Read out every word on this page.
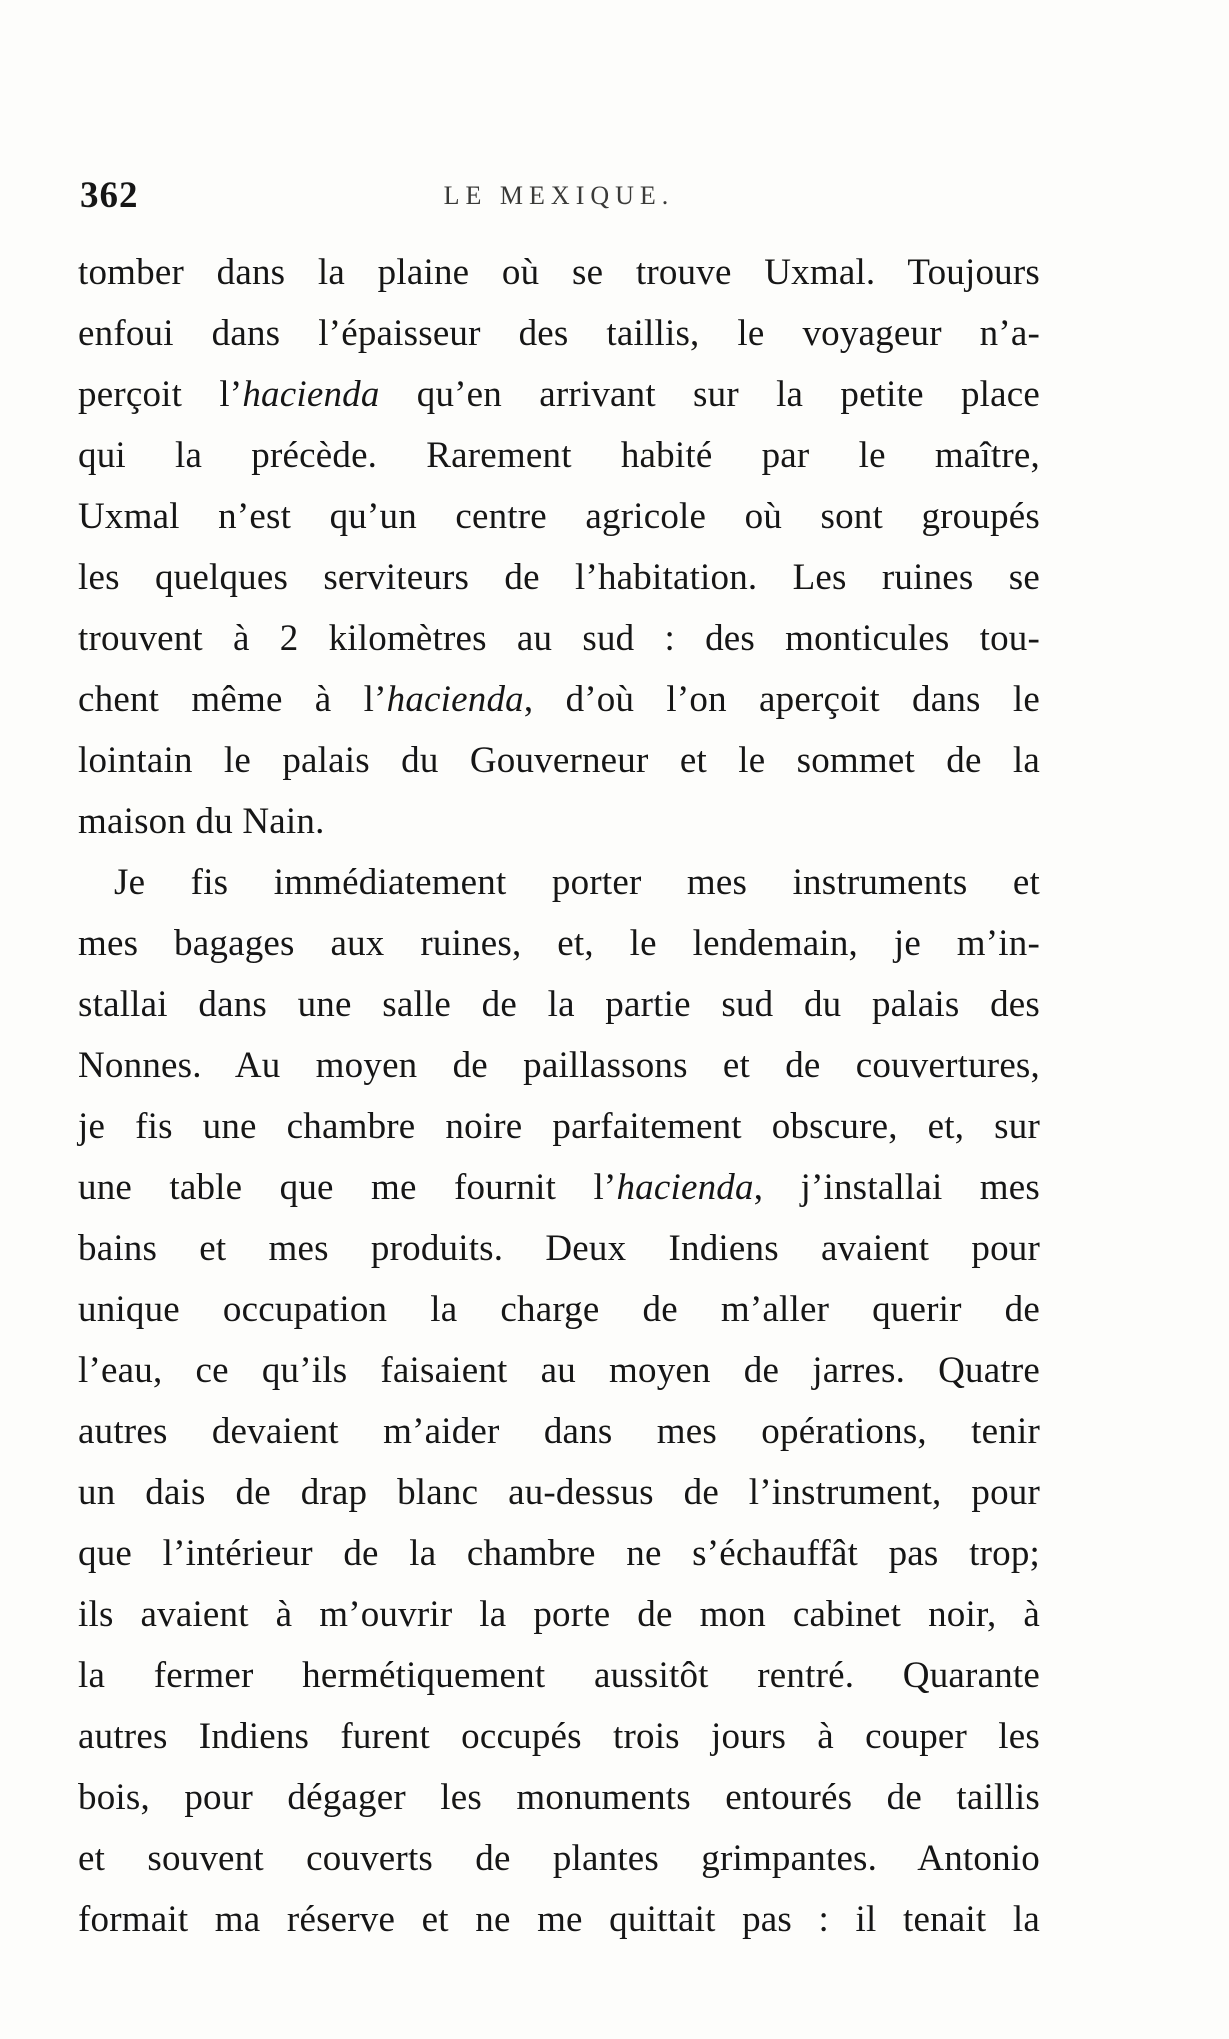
362	LE MEXIQUE.
tomber dans la plaine où se trouve Uxmal. Toujours
enfoui dans l’épaisseur des taillis, le voyageur n’a-
perçoit l’hacienda qu’en arrivant sur la petite place
qui la précède. Rarement habité par le maître,
Uxmal n’est qu’un centre agricole où sont groupés
les quelques serviteurs de l’habitation. Les ruines se
trouvent à 2 kilomètres au sud : des monticules tou-
chent même à l’hacienda, d’où l’on aperçoit dans le
lointain le palais du Gouverneur et le sommet de la
maison du Nain.
Je fis immédiatement porter mes instruments et
mes bagages aux ruines, et, le lendemain, je m’in-
stallai dans une salle de la partie sud du palais des
Nonnes. Au moyen de paillassons et de couvertures,
je fis une chambre noire parfaitement obscure, et, sur
une table que me fournit l’hacienda, j’installai mes
bains et mes produits. Deux Indiens avaient pour
unique occupation la charge de m’aller querir de
l’eau, ce qu’ils faisaient au moyen de jarres. Quatre
autres devaient m’aider dans mes opérations, tenir
un dais de drap blanc au-dessus de l’instrument, pour
que l’intérieur de la chambre ne s’échauffât pas trop;
ils avaient à m’ouvrir la porte de mon cabinet noir, à
la fermer hermétiquement aussitôt rentré. Quarante
autres Indiens furent occupés trois jours à couper les
bois, pour dégager les monuments entourés de taillis
et souvent couverts de plantes grimpantes. Antonio
formait ma réserve et ne me quittait pas : il tenait la
